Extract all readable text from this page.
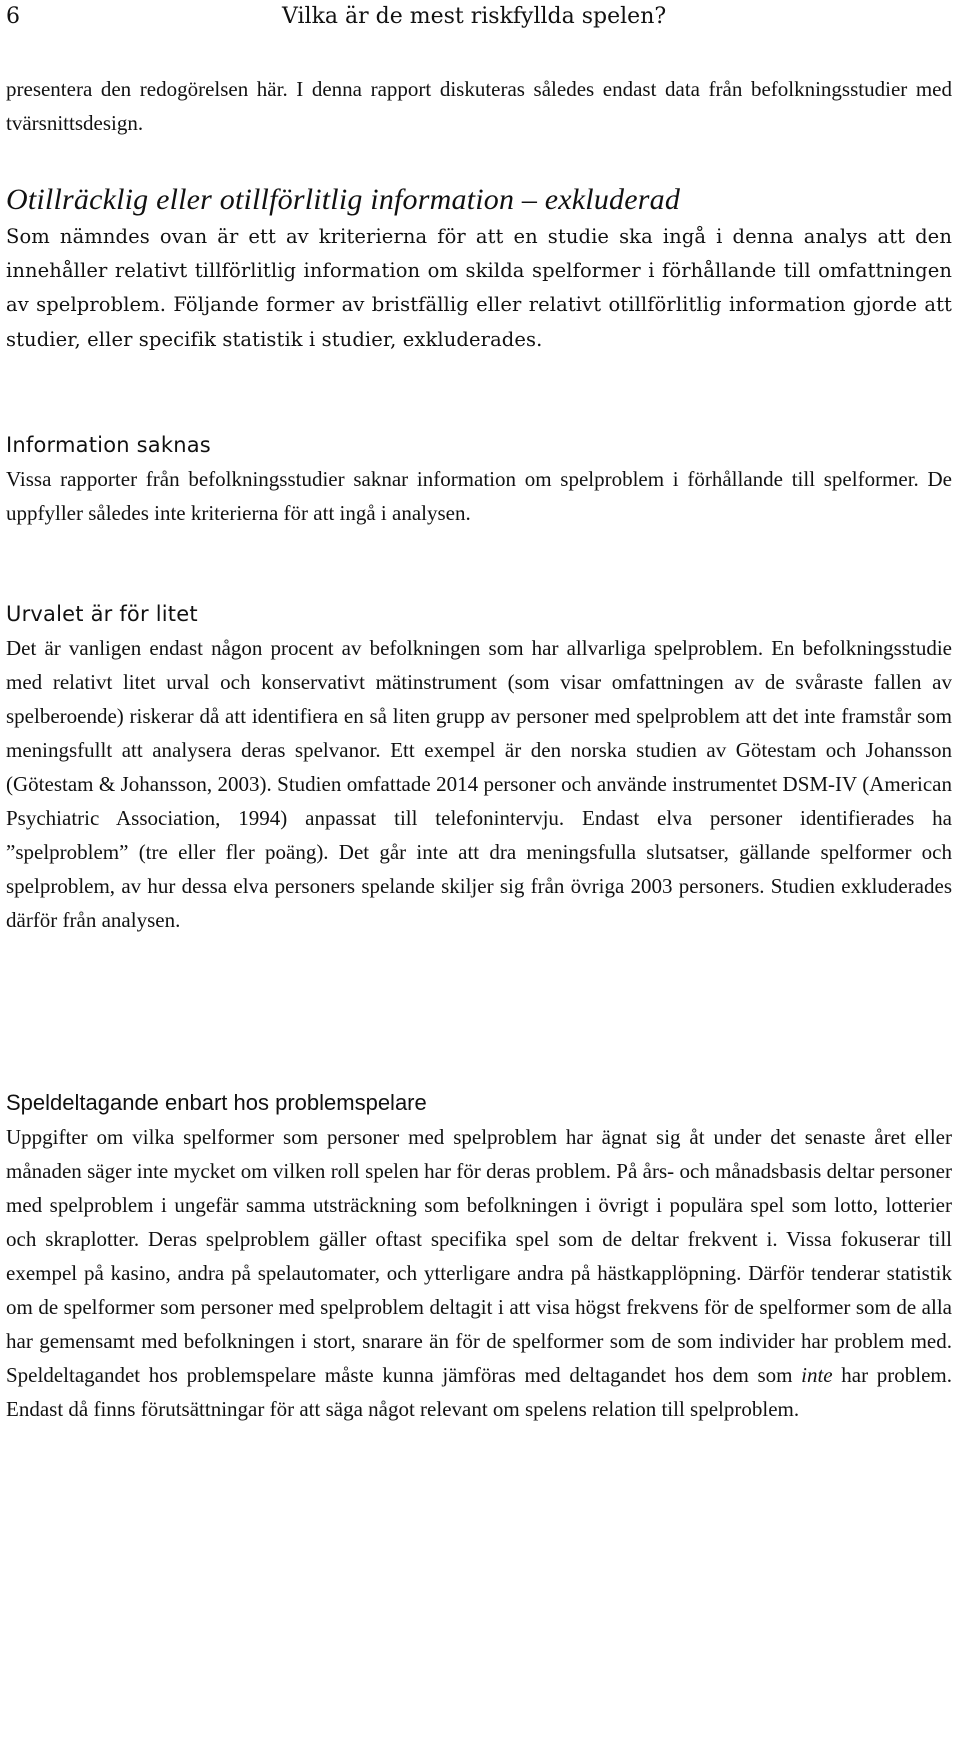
6	Vilka är de mest riskfyllda spelen?

presentera den redogörelsen här. I denna rapport diskuteras således endast data från befolkningsstudier med tvärsnittsdesign.

Otillräcklig eller otillförlitlig information – exkluderad

Som nämndes ovan är ett av kriterierna för att en studie ska ingå i denna analys att den innehåller relativt tillförlitlig information om skilda spelformer i förhållande till omfattningen av spelproblem. Följande former av bristfällig eller relativt otillförlitlig information gjorde att studier, eller specifik statistik i studier, exkluderades.

Information saknas

Vissa rapporter från befolkningsstudier saknar information om spelproblem i förhållande till spelformer. De uppfyller således inte kriterierna för att ingå i analysen.

Urvalet är för litet

Det är vanligen endast någon procent av befolkningen som har allvarliga spelproblem. En befolkningsstudie med relativt litet urval och konservativt mätinstrument (som visar omfattningen av de svåraste fallen av spelberoende) riskerar då att identifiera en så liten grupp av personer med spelproblem att det inte framstår som meningsfullt att analysera deras spelvanor. Ett exempel är den norska studien av Götestam och Johansson (Götestam & Johansson, 2003). Studien omfattade 2014 personer och använde instrumentet DSM-IV (American Psychiatric Association, 1994) anpassat till telefonintervju. Endast elva personer identifierades ha ”spelproblem” (tre eller fler poäng). Det går inte att dra meningsfulla slutsatser, gällande spelformer och spelproblem, av hur dessa elva personers spelande skiljer sig från övriga 2003 personers. Studien exkluderades därför från analysen.

Speldeltagande enbart hos problemspelare

Uppgifter om vilka spelformer som personer med spelproblem har ägnat sig åt under det senaste året eller månaden säger inte mycket om vilken roll spelen har för deras problem. På års- och månadsbasis deltar personer med spelproblem i ungefär samma utsträckning som befolkningen i övrigt i populära spel som lotto, lotterier och skraplotter. Deras spelproblem gäller oftast specifika spel som de deltar frekvent i. Vissa fokuserar till exempel på kasino, andra på spelautomater, och ytterligare andra på hästkapplöpning. Därför tenderar statistik om de spelformer som personer med spelproblem deltagit i att visa högst frekvens för de spelformer som de alla har gemensamt med befolkningen i stort, snarare än för de spelformer som de som individer har problem med. Speldeltagandet hos problemspelare måste kunna jämföras med deltagandet hos dem som inte har problem. Endast då finns förutsättningar för att säga något relevant om spelens relation till spelproblem.
